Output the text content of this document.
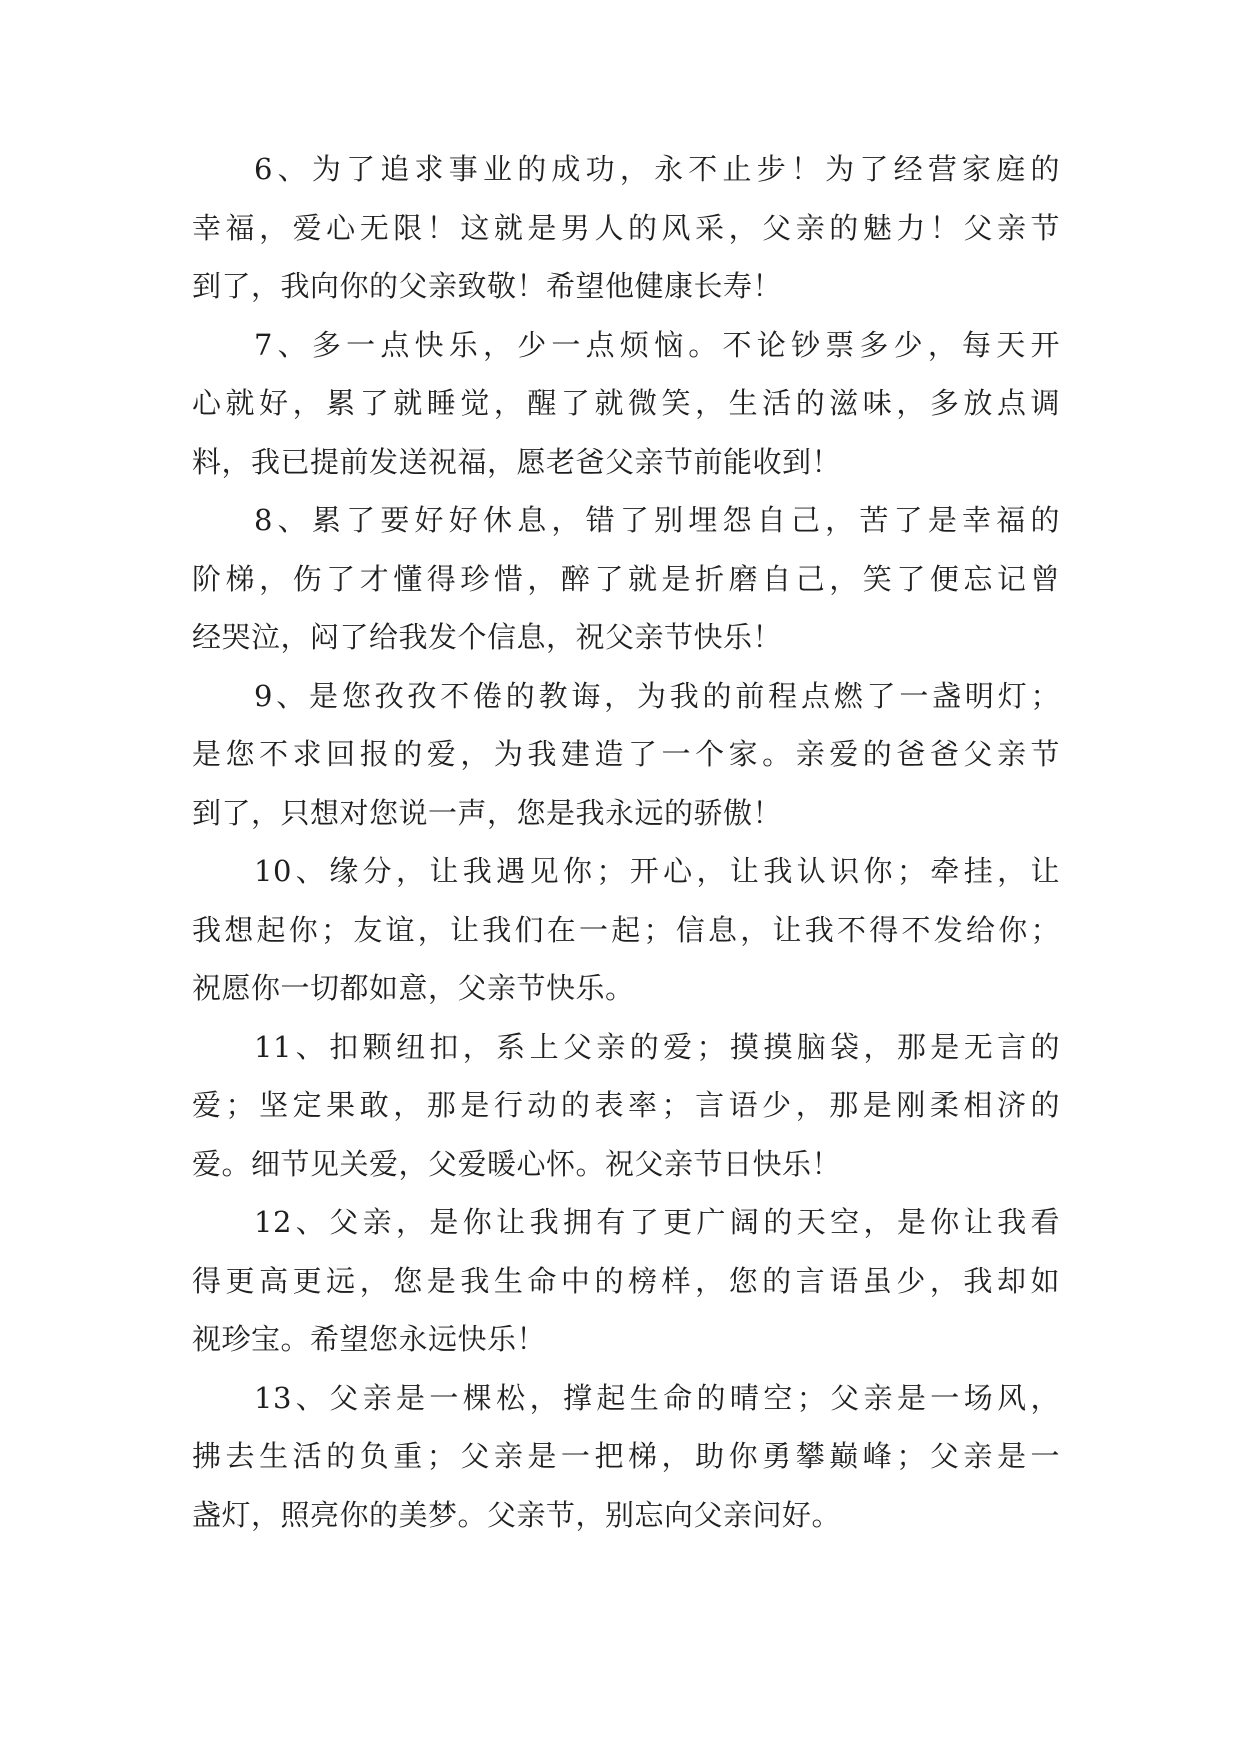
6、为了追求事业的成功，永不止步！为了经营家庭的
幸福，爱心无限！这就是男人的风采，父亲的魅力！父亲节
到了，我向你的父亲致敬！希望他健康长寿！
7、多一点快乐，少一点烦恼。不论钞票多少，每天开
心就好，累了就睡觉，醒了就微笑，生活的滋味，多放点调
料，我已提前发送祝福，愿老爸父亲节前能收到！
8、累了要好好休息，错了别埋怨自己，苦了是幸福的
阶梯，伤了才懂得珍惜，醉了就是折磨自己，笑了便忘记曾
经哭泣，闷了给我发个信息，祝父亲节快乐！
9、是您孜孜不倦的教诲，为我的前程点燃了一盏明灯；
是您不求回报的爱，为我建造了一个家。亲爱的爸爸父亲节
到了，只想对您说一声，您是我永远的骄傲！
10、缘分，让我遇见你；开心，让我认识你；牵挂，让
我想起你；友谊，让我们在一起；信息，让我不得不发给你；
祝愿你一切都如意，父亲节快乐。
11、扣颗纽扣，系上父亲的爱；摸摸脑袋，那是无言的
爱；坚定果敢，那是行动的表率；言语少，那是刚柔相济的
爱。细节见关爱，父爱暖心怀。祝父亲节日快乐！
12、父亲，是你让我拥有了更广阔的天空，是你让我看
得更高更远，您是我生命中的榜样，您的言语虽少，我却如
视珍宝。希望您永远快乐！
13、父亲是一棵松，撑起生命的晴空；父亲是一场风，
拂去生活的负重；父亲是一把梯，助你勇攀巅峰；父亲是一
盏灯，照亮你的美梦。父亲节，别忘向父亲问好。
